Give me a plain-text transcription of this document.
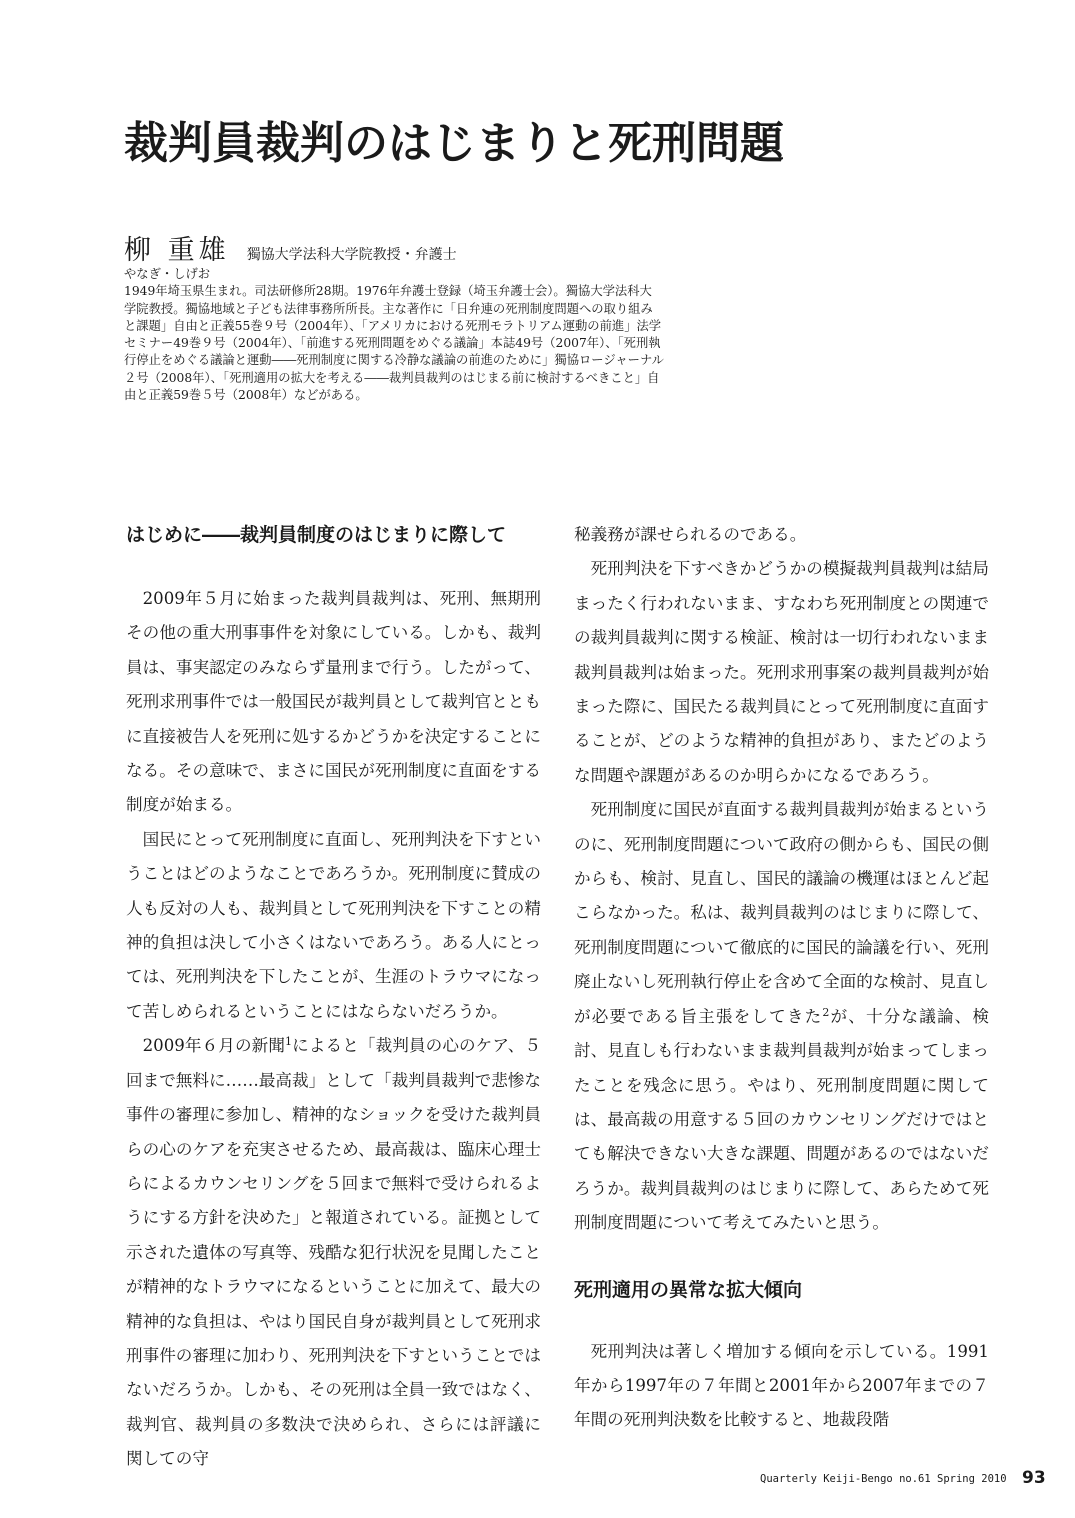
裁判員裁判のはじまりと死刑問題
柳 重雄 獨協大学法科大学院教授・弁護士

やなぎ・しげお

1949年埼玉県生まれ。司法研修所28期。1976年弁護士登録（埼玉弁護士会）。獨協大学法科大学院教授。獨協地域と子ども法律事務所所長。主な著作に「日弁連の死刑制度問題への取り組みと課題」自由と正義55巻９号（2004年）、「アメリカにおける死刑モラトリアム運動の前進」法学セミナー49巻９号（2004年）、「前進する死刑問題をめぐる議論」本誌49号（2007年）、「死刑執行停止をめぐる議論と運動――死刑制度に関する冷静な議論の前進のために」獨協ロージャーナル２号（2008年）、「死刑適用の拡大を考える――裁判員裁判のはじまる前に検討するべきこと」自由と正義59巻５号（2008年）などがある。

はじめに――裁判員制度のはじまりに際して

2009年５月に始まった裁判員裁判は、死刑、無期刑その他の重大刑事事件を対象にしている。しかも、裁判員は、事実認定のみならず量刑まで行う。したがって、死刑求刑事件では一般国民が裁判員として裁判官とともに直接被告人を死刑に処するかどうかを決定することになる。その意味で、まさに国民が死刑制度に直面をする制度が始まる。

国民にとって死刑制度に直面し、死刑判決を下すということはどのようなことであろうか。死刑制度に賛成の人も反対の人も、裁判員として死刑判決を下すことの精神的負担は決して小さくはないであろう。ある人にとっては、死刑判決を下したことが、生涯のトラウマになって苦しめられるということにはならないだろうか。

2009年６月の新聞$^1$によると「裁判員の心のケア、５回まで無料に……最高裁」として「裁判員裁判で悲惨な事件の審理に参加し、精神的なショックを受けた裁判員らの心のケアを充実させるため、最高裁は、臨床心理士らによるカウンセリングを５回まで無料で受けられるようにする方針を決めた」と報道されている。証拠として示された遺体の写真等、残酷な犯行状況を見聞したことが精神的なトラウマになるということに加えて、最大の精神的な負担は、やはり国民自身が裁判員として死刑求刑事件の審理に加わり、死刑判決を下すということではないだろうか。しかも、その死刑は全員一致ではなく、裁判官、裁判員の多数決で決められ、さらには評議に関しての守

秘義務が課せられるのである。

死刑判決を下すべきかどうかの模擬裁判員裁判は結局まったく行われないまま、すなわち死刑制度との関連での裁判員裁判に関する検証、検討は一切行われないまま裁判員裁判は始まった。死刑求刑事案の裁判員裁判が始まった際に、国民たる裁判員にとって死刑制度に直面することが、どのような精神的負担があり、またどのような問題や課題があるのか明らかになるであろう。

死刑制度に国民が直面する裁判員裁判が始まるというのに、死刑制度問題について政府の側からも、国民の側からも、検討、見直し、国民的議論の機運はほとんど起こらなかった。私は、裁判員裁判のはじまりに際して、死刑制度問題について徹底的に国民的論議を行い、死刑廃止ないし死刑執行停止を含めて全面的な検討、見直しが必要である旨主張をしてきた$^2$が、十分な議論、検討、見直しも行わないまま裁判員裁判が始まってしまったことを残念に思う。やはり、死刑制度問題に関しては、最高裁の用意する５回のカウンセリングだけではとても解決できない大きな課題、問題があるのではないだろうか。裁判員裁判のはじまりに際して、あらためて死刑制度問題について考えてみたいと思う。

死刑適用の異常な拡大傾向

死刑判決は著しく増加する傾向を示している。1991年から1997年の７年間と2001年から2007年までの７年間の死刑判決数を比較すると、地裁段階

Quarterly Keiji-Bengo no.61 Spring 2010 93
